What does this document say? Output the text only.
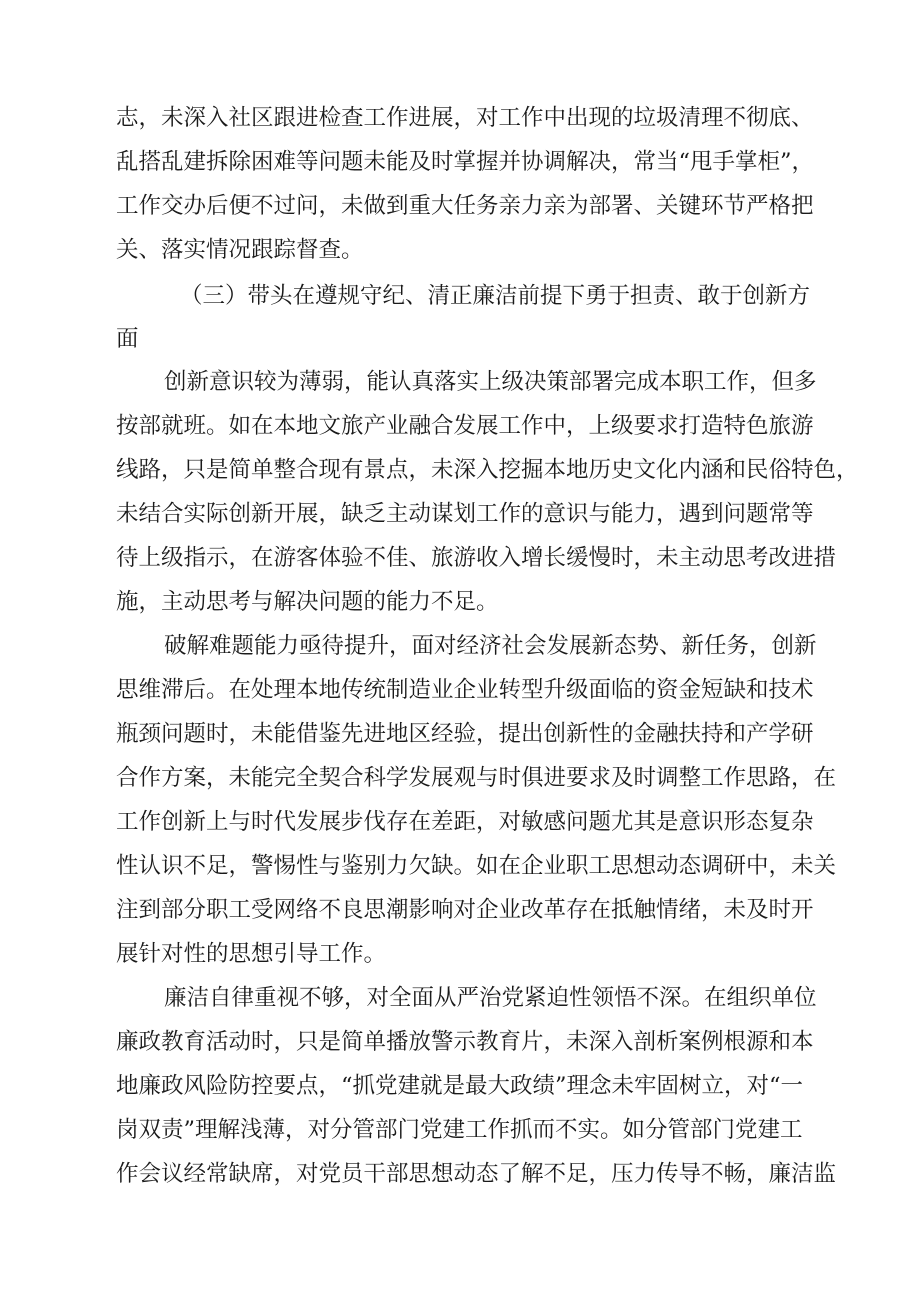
志，未深入社区跟进检查工作进展，对工作中出现的垃圾清理不彻底、
乱搭乱建拆除困难等问题未能及时掌握并协调解决，常当“甩手掌柜”，
工作交办后便不过问，未做到重大任务亲力亲为部署、关键环节严格把
关、落实情况跟踪督查。
（三）带头在遵规守纪、清正廉洁前提下勇于担责、敢于创新方
面
创新意识较为薄弱，能认真落实上级决策部署完成本职工作，但多
按部就班。如在本地文旅产业融合发展工作中，上级要求打造特色旅游
线路，只是简单整合现有景点，未深入挖掘本地历史文化内涵和民俗特色，
未结合实际创新开展，缺乏主动谋划工作的意识与能力，遇到问题常等
待上级指示，在游客体验不佳、旅游收入增长缓慢时，未主动思考改进措
施，主动思考与解决问题的能力不足。
破解难题能力亟待提升，面对经济社会发展新态势、新任务，创新
思维滞后。在处理本地传统制造业企业转型升级面临的资金短缺和技术
瓶颈问题时，未能借鉴先进地区经验，提出创新性的金融扶持和产学研
合作方案，未能完全契合科学发展观与时俱进要求及时调整工作思路，在
工作创新上与时代发展步伐存在差距，对敏感问题尤其是意识形态复杂
性认识不足，警惕性与鉴别力欠缺。如在企业职工思想动态调研中，未关
注到部分职工受网络不良思潮影响对企业改革存在抵触情绪，未及时开
展针对性的思想引导工作。
廉洁自律重视不够，对全面从严治党紧迫性领悟不深。在组织单位
廉政教育活动时，只是简单播放警示教育片，未深入剖析案例根源和本
地廉政风险防控要点，“抓党建就是最大政绩”理念未牢固树立，对“一
岗双责”理解浅薄，对分管部门党建工作抓而不实。如分管部门党建工
作会议经常缺席，对党员干部思想动态了解不足，压力传导不畅，廉洁监
